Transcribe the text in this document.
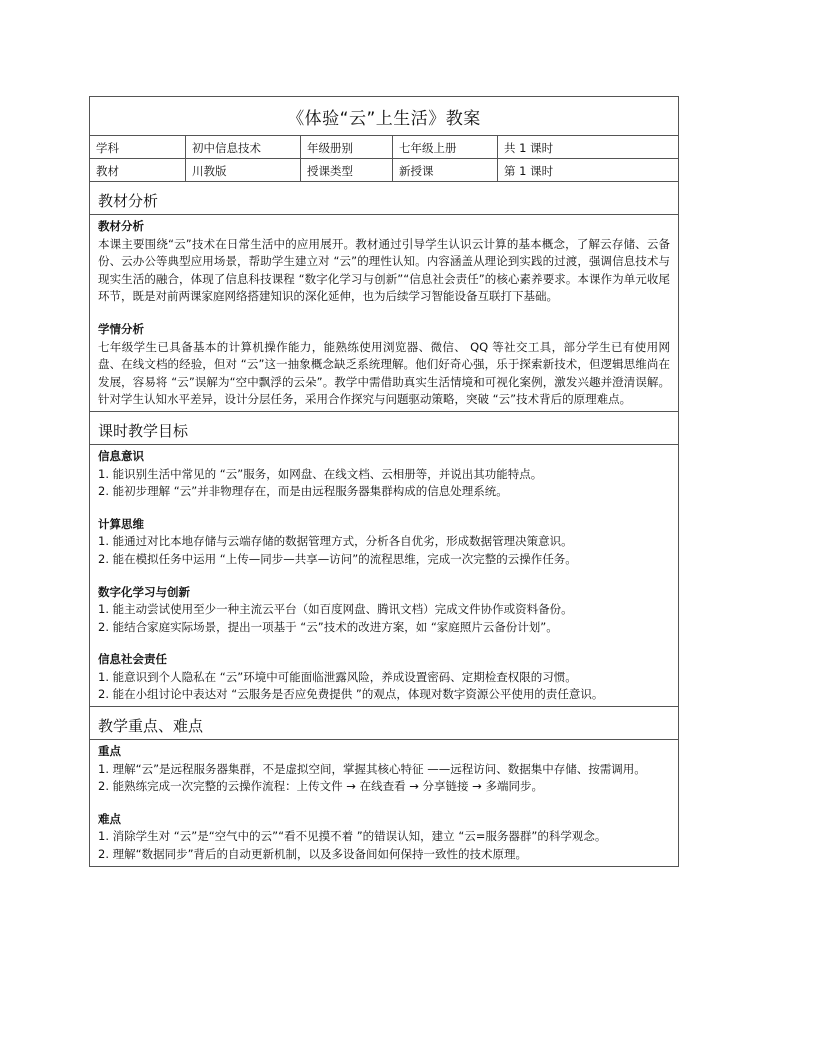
《体验“云”上生活》教案
学科	初中信息技术	年级册别	七年级上册	共 1 课时
教材	川教版	授课类型	新授课	第 1 课时
教材分析
教材分析
本课主要围绕“云”技术在日常生活中的应用展开。教材通过引导学生认识云计算的基本概念，了解云存储、云备份、云办公等典型应用场景，帮助学生建立对 “云”的理性认知。内容涵盖从理论到实践的过渡，强调信息技术与现实生活的融合，体现了信息科技课程 “数字化学习与创新”“信息社会责任”的核心素养要求。本课作为单元收尾环节，既是对前两课家庭网络搭建知识的深化延伸，也为后续学习智能设备互联打下基础。
学情分析
七年级学生已具备基本的计算机操作能力，能熟练使用浏览器、微信、 QQ 等社交工具，部分学生已有使用网盘、在线文档的经验，但对 “云”这一抽象概念缺乏系统理解。他们好奇心强，乐于探索新技术，但逻辑思维尚在发展，容易将 “云”误解为“空中飘浮的云朵”。教学中需借助真实生活情境和可视化案例，激发兴趣并澄清误解。针对学生认知水平差异，设计分层任务，采用合作探究与问题驱动策略，突破 “云”技术背后的原理难点。
课时教学目标
信息意识
1. 能识别生活中常见的 “云”服务，如网盘、在线文档、云相册等，并说出其功能特点。
2. 能初步理解 “云”并非物理存在，而是由远程服务器集群构成的信息处理系统。
计算思维
1. 能通过对比本地存储与云端存储的数据管理方式，分析各自优劣，形成数据管理决策意识。
2. 能在模拟任务中运用 “上传—同步—共享—访问”的流程思维，完成一次完整的云操作任务。
数字化学习与创新
1. 能主动尝试使用至少一种主流云平台（如百度网盘、腾讯文档）完成文件协作或资料备份。
2. 能结合家庭实际场景，提出一项基于 “云”技术的改进方案，如 “家庭照片云备份计划”。
信息社会责任
1. 能意识到个人隐私在 “云”环境中可能面临泄露风险，养成设置密码、定期检查权限的习惯。
2. 能在小组讨论中表达对 “云服务是否应免费提供 ”的观点，体现对数字资源公平使用的责任意识。
教学重点、难点
重点
1. 理解“云”是远程服务器集群，不是虚拟空间，掌握其核心特征 ——远程访问、数据集中存储、按需调用。
2. 能熟练完成一次完整的云操作流程：上传文件 → 在线查看 → 分享链接 → 多端同步。
难点
1. 消除学生对 “云”是“空气中的云”“看不见摸不着 ”的错误认知，建立 “云=服务器群”的科学观念。
2. 理解“数据同步”背后的自动更新机制，以及多设备间如何保持一致性的技术原理。
